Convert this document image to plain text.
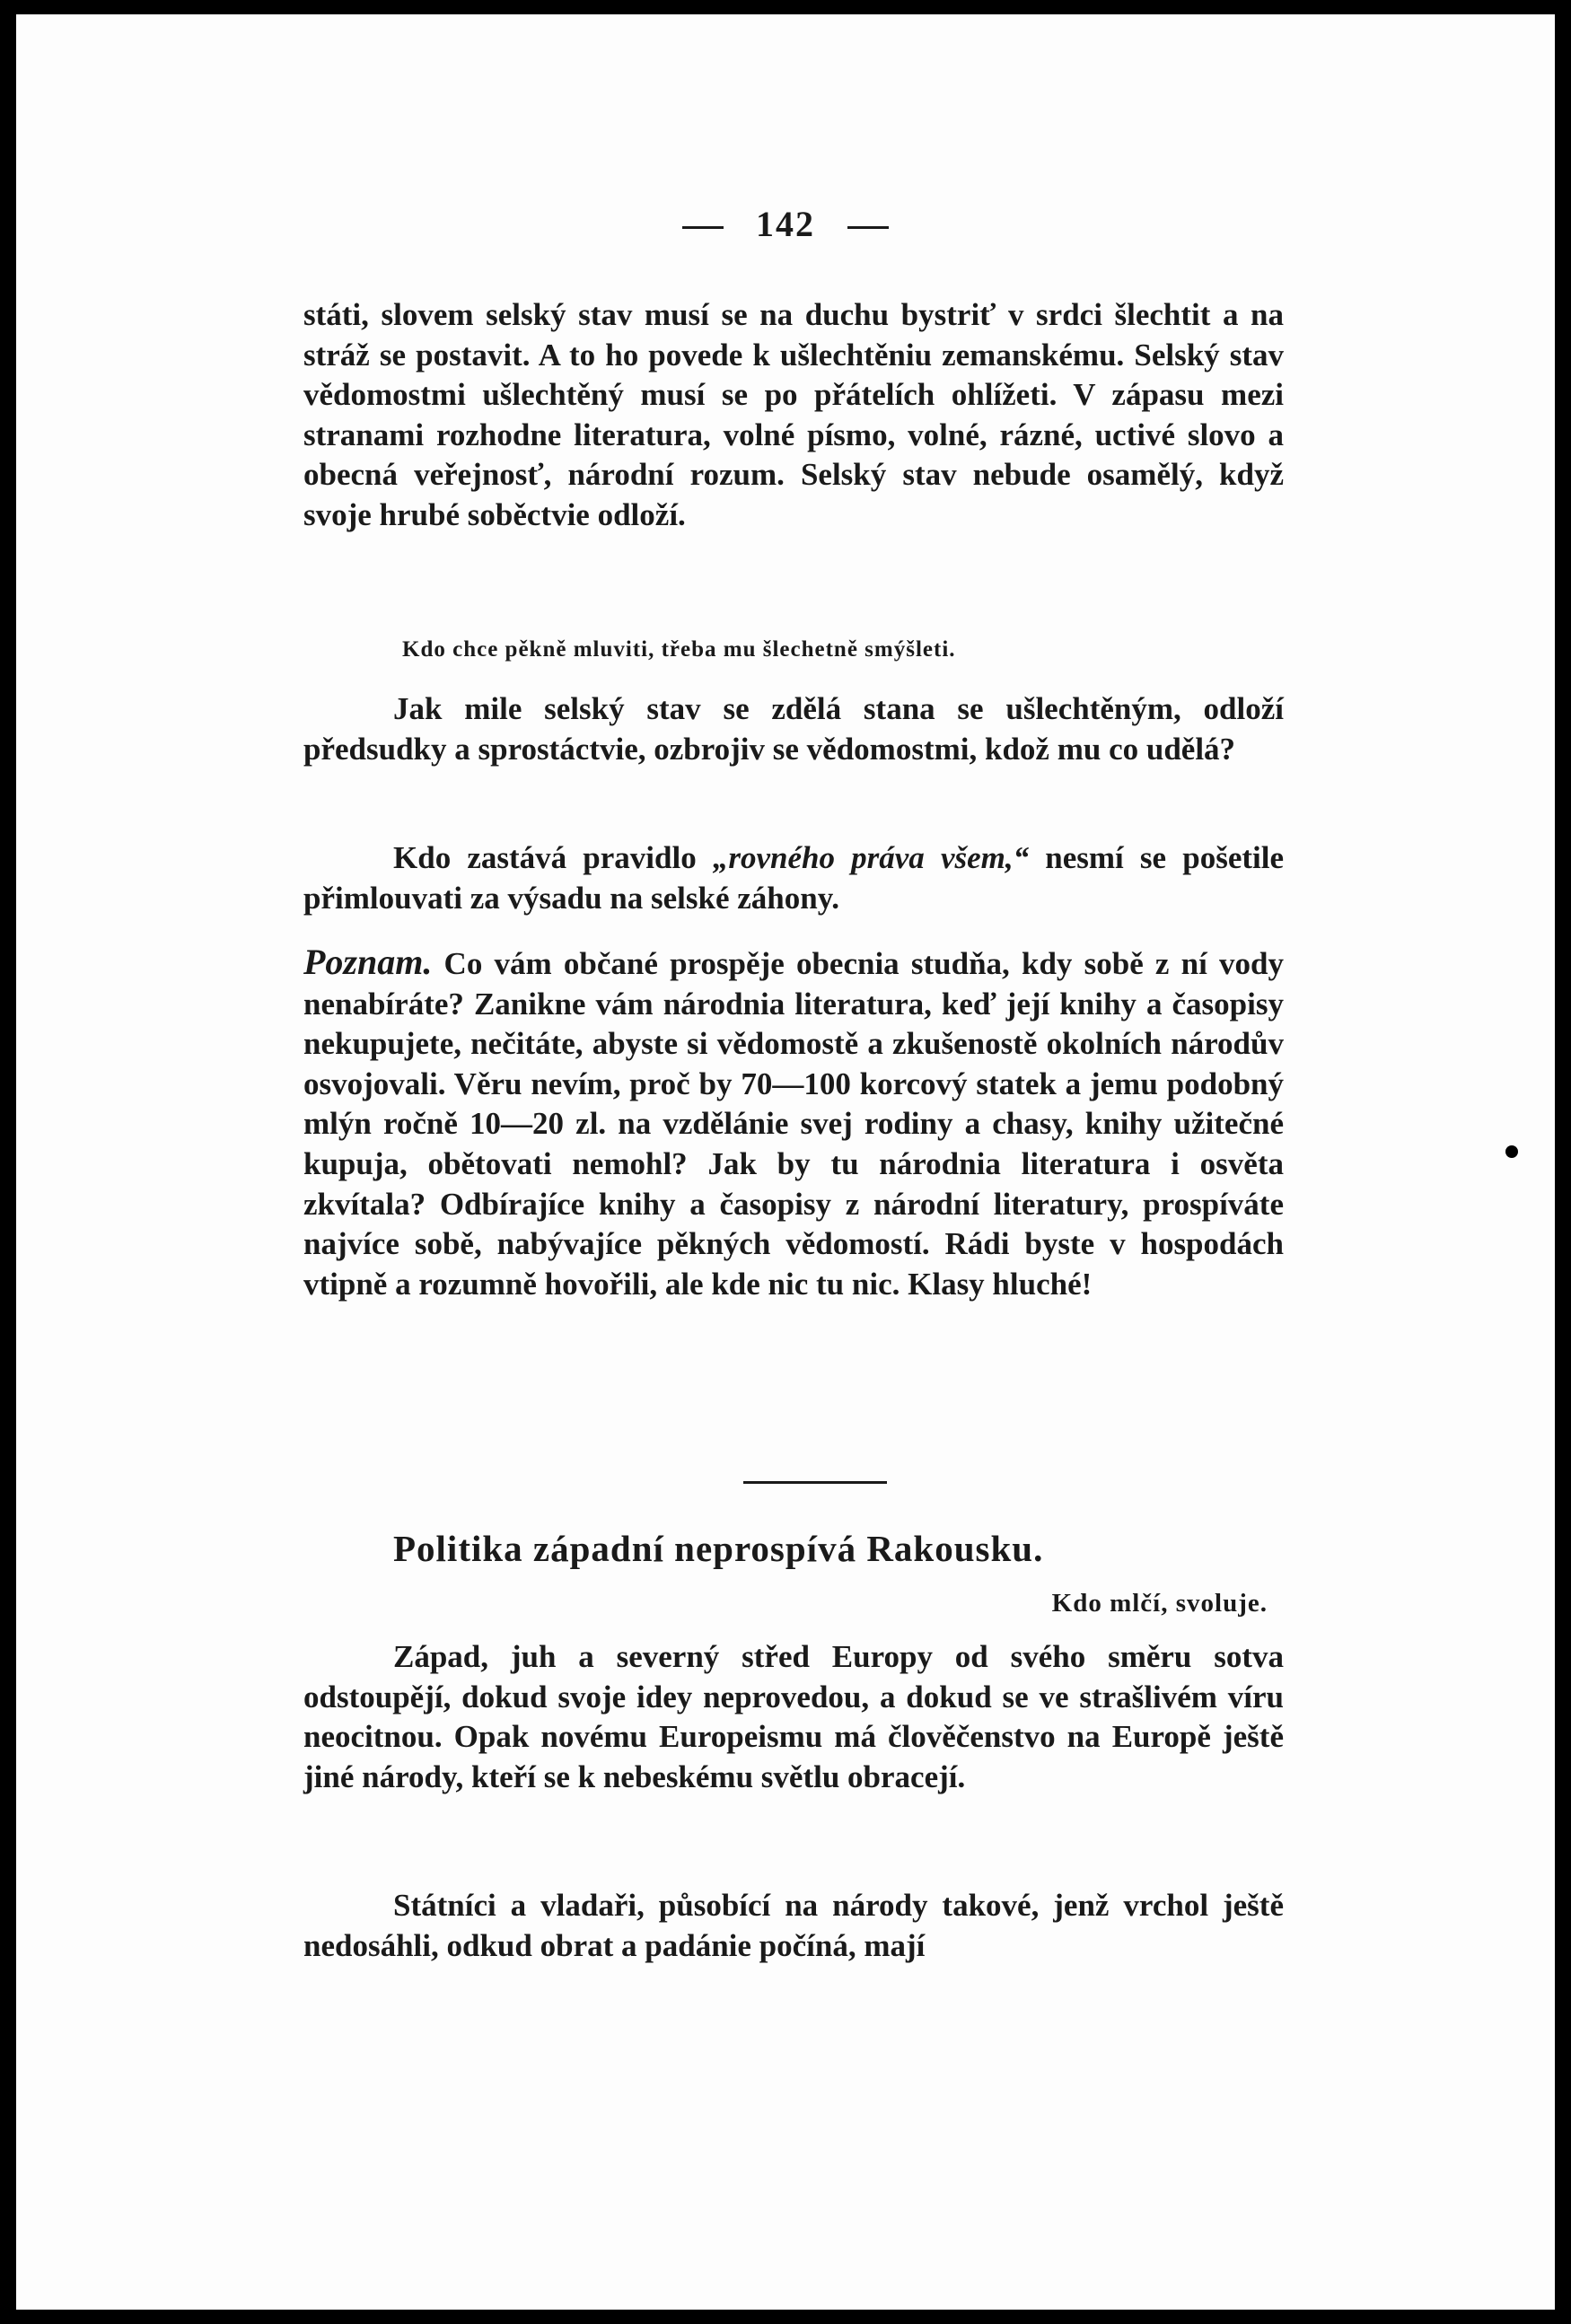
142

státi, slovem selský stav musí se na duchu bystriť v srdci šlechtit a na stráž se postavit. A to ho povede k ušlechtěniu zemanskému. Selský stav vědomostmi ušlechtěný musí se po přátelích ohlížeti. V zápasu mezi stranami rozhodne literatura, volné písmo, volné, rázné, uctivé slovo a obecná veřejnosť, národní rozum. Selský stav nebude osamělý, když svoje hrubé soběctvie odloží.

Kdo chce pěkně mluviti, třeba mu šlechetně smýšleti.

Jak mile selský stav se zdělá stana se ušlechtěným, odloží předsudky a sprostáctvie, ozbrojiv se vědomostmi, kdož mu co udělá?

Kdo zastává pravidlo „rovného práva všem,“ nesmí se pošetile přimlouvati za výsadu na selské záhony.

Poznam. Co vám občané prospěje obecnia studňa, kdy sobě z ní vody nenabíráte? Zanikne vám národnia literatura, keď její knihy a časopisy nekupujete, nečitáte, abyste si vědomostě a zkušenostě okolních národův osvojovali. Věru nevím, proč by 70—100 korcový statek a jemu podobný mlýn ročně 10—20 zl. na vzdělánie svej rodiny a chasy, knihy užitečné kupuja, obětovati nemohl? Jak by tu národnia literatura i osvěta zkvítala? Odbírajíce knihy a časopisy z národní literatury, prospíváte najvíce sobě, nabývajíce pěkných vědomostí. Rádi byste v hospodách vtipně a rozumně hovořili, ale kde nic tu nic. Klasy hluché!

Politika západní neprospívá Rakousku.
Kdo mlčí, svoluje.

Západ, juh a severný střed Europy od svého směru sotva odstoupějí, dokud svoje idey neprovedou, a dokud se ve strašlivém víru neocitnou. Opak novému Europeismu má člověčenstvo na Europě ještě jiné národy, kteří se k nebeskému světlu obracejí.

Státníci a vladaři, působící na národy takové, jenž vrchol ještě nedosáhli, odkud obrat a padánie počíná, mají
